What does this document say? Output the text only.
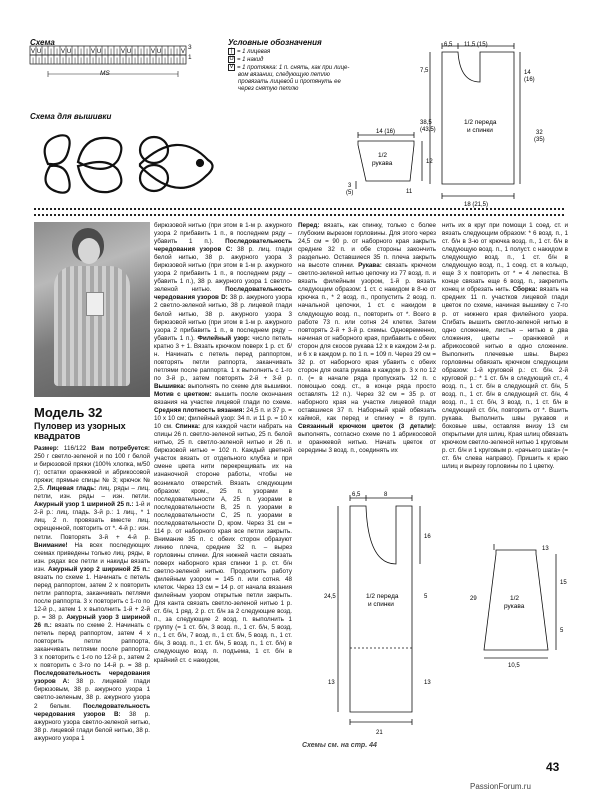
Схема
V U | | | V U | | | V U | | | V U | | | V U | | | V
| | | | | | | | | | | | | | | | | | | | | | | | | |
3
1
MS
Условные обозначения
| = 1 лицевая
U = 1 накид
V = 1 протяжка: 1 п. снять, как при лице-
вом вязании, следующую петлю
провязать лицевой и протянуть ее
через снятую петлю
Схема для вышивки
6,5 11,5 (15)
7,5	14
(16)
38,5
(43,5)	32
(35)
18 (21,5)
1/2 переда
и спинки
14 (16)
12
3
(5)	11
1/2
рукава
Модель 32
Пуловер из узорных
квадратов
Размер: 116/122 Вам потребуется: 250 г светло-зеленой и по 100 г белой и бирюзовой пряжи (100% хлопка, м/50 г); остатки оранжевой и абрикосовой пряжи; прямые спицы № 3; крючок № 2,5. Лицевая гладь: лиц. ряды – лиц. петли, изн. ряды – изн. петли. Ажурный узор 1 шириной 25 п.: 1-й и 2-й р.: лиц. гладь. 3-й р.: 1 лиц., * 1 лиц. 2 п. провязать вместе лиц. скрещенной, повторить от *. 4-й р.: изн. петли. Повторять 3-й + 4-й р. Внимание! На всех последующих схемах приведены только лиц. ряды, в изн. рядах все петли и накиды вязать изн. Ажурный узор 2 шириной 25 п.: вязать по схеме 1. Начинать с петель перед раппортом, затем 2 х повторить петли раппорта, заканчивать петлями после раппорта. 3 х повторить с 1-го по 12-й р., затем 1 х выполнить 1-й + 2-й р. = 38 р. Ажурный узор 3 шириной 26 п.: вязать по схеме 2. Начинать с петель перед раппортом, затем 4 х повторить петли раппорта, заканчивать петлями после раппорта. 3 х повторить с 1-го по 12-й р., затем 2 х повторить с 3-го по 14-й р. = 38 р. Последовательность чередования узоров A: 38 р. лицевой глади бирюзовым, 38 р. ажурного узора 1 светло-зеленым, 38 р. ажурного узора 2 белым. Последовательность чередования узоров B: 38 р. ажурного узора светло-зеленой нитью, 38 р. лицевой глади белой нитью, 38 р. ажурного узора 1
бирюзовой нитью (при этом в 1-м р. ажурного узора 2 прибавить 1 п., в последнем ряду – убавить 1 п.). Последовательность чередования узоров С: 38 р. лиц. глади белой нитью, 38 р. ажурного узора 3 бирюзовой нитью (при этом в 1-м р. ажурного узора 2 прибавить 1 п., в последнем ряду – убавить 1 п.), 38 р. ажурного узора 1 светло-зеленой нитью. Последовательность чередования узоров D: 38 р. ажурного узора 2 светло-зеленой нитью, 38 р. лицевой глади белой нитью, 38 р. ажурного узора 3 бирюзовой нитью (при этом в 1-м р. ажурного узора 2 прибавить 1 п., в последнем ряду – убавить 1 п.). Филейный узор: число петель кратно 3 + 1. Вязать крючком поверх 1 р. ст. б/н. Начинать с петель перед раппортом, повторять петли раппорта, заканчивать петлями после раппорта. 1 х выполнить с 1-го по 3-й р., затем повторять 2-й + 3-й р. Вышивка: выполнять по схеме для вышивки. Мотив с цветком: вышить после окончания вязания на участке лицевой глади по схеме. Средняя плотность вязания: 24,5 п. и 37 р. = 10 х 10 см; филейный узор: 34 п. и 11 р. = 10 х 10 см. Спинка: для каждой части набрать на спицы 26 п. светло-зеленой нитью, 25 п. белой нитью, 25 п. светло-зеленой нитью и 26 п. бирюзовой нитью = 102 п. Каждый цветной участок вязать от отдельного клубка и при смене цвета нити перекрещивать их на изнаночной стороне работы, чтобы не возникало отверстий. Вязать следующим образом: кром., 25 п. узорами в последовательности A, 25 п. узорами в последовательности B, 25 п. узорами в последовательности C, 25 п. узорами в последовательности D, кром. Через 31 см = 114 р. от наборного края все петли закрыть. Внимание 35 п. с обеих сторон образуют линию плеча, средние 32 п. – вырез горловины спинки. Для нижней части связать поверх наборного края спинки 1 р. ст. б/н светло-зеленой нитью. Продолжить работу филейным узором = 145 п. или сотня. 48 клеток. Через 13 см = 14 р. от начала вязания филейным узором открытые петли закрыть. Для канта связать светло-зеленой нитью 1 р. ст. б/н, 1 ряд. 2 р. ст. б/н за 2 следующие возд. п., за следующие 2 возд. п. выполнить 1 группу (= 1 ст. б/н, 3 возд. п., 1 ст. б/н, 5 возд. п., 1 ст. б/н, 7 возд. п., 1 ст. б/н, 5 возд. п., 1 ст. б/н, 3 возд. п., 1 ст. б/н, 5 возд. п., 1 ст. б/н) в следующую возд. п. подъема, 1 ст. б/н в крайний ст. с накидом,
Перед: вязать, как спинку, только с более глубоким вырезом горловины. Для этого через 24,5 см = 90 р. от наборного края закрыть средние 32 п. и обе стороны закончить раздельно. Оставшиеся 35 п. плеча закрыть на высоте спинки. Рукава: связать крючком светло-зеленой нитью цепочку из 77 возд. п. и вязать филейным узором, 1-й р. вязать следующим образом: 1 ст. с накидом в 8-ю от крючка п., * 2 возд. п., пропустить 2 возд. п. начальной цепочки, 1 ст. с накидом в следующую возд. п., повторить от *. Всего в работе 73 п. или сотня 24 клетки. Затем повторять 2-й + 3-й р. схемы. Одновременно, начиная от наборного края, прибавить с обеих сторон для скосов рукава 12 х в каждом 2-м р. и 6 х в каждом р. по 1 п. = 109 п. Через 29 см = 32 р. от наборного края убавить с обеих сторон для оката рукава в каждом р. 3 х по 12 п. (= в начале ряда пропускать 12 п. с помощью соед. ст., в конце ряда просто оставлять 12 п.). Через 32 см = 35 р. от наборного края на участке лицевой глади оставшиеся 37 п. Наборный край обвязать каймой, как перед и спинку = 8 групп. Связанный крючком цветок (3 детали): выполнять, согласно схеме по 1 абрикосовой и оранжевой нитью. Начать цветок от середины 3 возд. п., соединять их
нить их в круг при помощи 1 соед. ст. и вязать следующим образом: * 6 возд. п., 1 ст. б/н в 3-ю от крючка возд. п., 1 ст. б/н в следующую возд. п., 1 полуст. с накидом в следующую возд. п., 1 ст. б/н в следующую возд. п., 1 соед. ст. в кольцо, еще 3 х повторить от * = 4 лепестка. В конце связать еще 6 возд. п., закрепить конец и обрезать нить. Сборка: вязать на средних 11 п. участков лицевой глади цветок по схеме, начиная вышивку с 7-го р. от нижнего края филейного узора. Сгибать вышить светло-зеленой нитью в одно сложение, листья – нитью в два сложения, цветы – оранжевой и абрикосовой нитью в одно сложение. Выполнить плечевые швы. Вырез горловины обвязать крючком следующим образом: 1-й круговой р.: ст. б/н. 2-й круговой р.: * 1 ст. б/н в следующий ст., 4 возд. п., 1 ст. б/н в следующий ст. б/н, 5 возд. п., 1 ст. б/н в следующий ст. б/н, 4 возд. п., 1 ст. б/н, 3 возд. п., 1 ст. б/н в следующий ст. б/н, повторить от *. Вшить рукава. Выполнить швы рукавов и боковые швы, оставляя внизу 13 см открытыми для шлиц. Края шлиц обвязать крючком светло-зеленой нитью 1 круговым р. ст. б/н и 1 круговым р. «рачьего шага» (= ст. б/н слева направо). Пришить к краю шлиц и вырезу горловины по 1 цветку.
6,5	8
16
24,5	5
13	13
21
1/2 переда
и спинки
13
15
29
5
10,5
1/2
рукава
Схемы см. на стр. 44
43
PassionForum.ru
